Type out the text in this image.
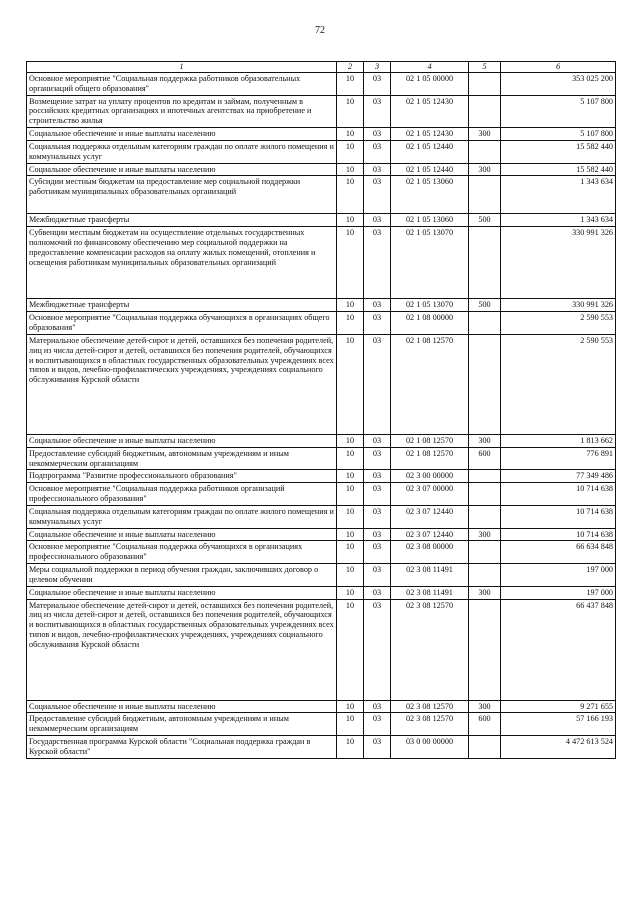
72
1	2	3	4	5	6
Основное мероприятие "Социальная поддержка работников образовательных организаций общего образования"	10	03	02 1 05 00000		353 025 200
Возмещение затрат на уплату процентов по кредитам и займам, полученным в российских кредитных организациях и ипотечных агентствах на приобретение и строительство жилья	10	03	02 1 05 12430		5 107 800
Социальное обеспечение и иные выплаты населению	10	03	02 1 05 12430	300	5 107 800
Социальная поддержка отдельным категориям граждан по оплате жилого помещения и коммунальных услуг	10	03	02 1 05 12440		15 582 440
Социальное обеспечение и иные выплаты населению	10	03	02 1 05 12440	300	15 582 440
Субсидии местным бюджетам на предоставление мер социальной поддержки работникам муниципальных образовательных организаций	10	03	02 1 05 13060		1 343 634
Межбюджетные трансферты	10	03	02 1 05 13060	500	1 343 634
Субвенции местным бюджетам на осуществление отдельных государственных полномочий по финансовому обеспечению мер социальной поддержки на предоставление компенсации расходов на оплату жилых помещений, отопления и освещения работникам муниципальных образовательных организаций	10	03	02 1 05 13070		330 991 326
Межбюджетные трансферты	10	03	02 1 05 13070	500	330 991 326
Основное мероприятие "Социальная поддержка обучающихся в организациях общего образования"	10	03	02 1 08 00000		2 590 553
Материальное обеспечение детей-сирот и детей, оставшихся без попечения родителей, лиц из числа детей-сирот и детей, оставшихся без попечения родителей, обучающихся и воспитывающихся в областных государственных образовательных учреждениях всех типов и видов, лечебно-профилактических учреждениях, учреждениях социального обслуживания Курской области	10	03	02 1 08 12570		2 590 553
Социальное обеспечение и иные выплаты населению	10	03	02 1 08 12570	300	1 813 662
Предоставление субсидий бюджетным, автономным учреждениям и иным некоммерческим организациям	10	03	02 1 08 12570	600	776 891
Подпрограмма "Развитие профессионального образования"	10	03	02 3 00 00000		77 349 486
Основное мероприятие "Социальная поддержка работников организаций профессионального образования"	10	03	02 3 07 00000		10 714 638
Социальная поддержка отдельным категориям граждан по оплате жилого помещения и коммунальных услуг	10	03	02 3 07 12440		10 714 638
Социальное обеспечение и иные выплаты населению	10	03	02 3 07 12440	300	10 714 638
Основное мероприятие "Социальная поддержка обучающихся в организациях профессионального образования"	10	03	02 3 08 00000		66 634 848
Меры социальной поддержки в период обучения граждан, заключивших договор о целевом обучении	10	03	02 3 08 11491		197 000
Социальное обеспечение и иные выплаты населению	10	03	02 3 08 11491	300	197 000
Материальное обеспечение детей-сирот и детей, оставшихся без попечения родителей, лиц из числа детей-сирот и детей, оставшихся без попечения родителей, обучающихся и воспитывающихся в областных государственных образовательных учреждениях всех типов и видов, лечебно-профилактических учреждениях, учреждениях социального обслуживания Курской области	10	03	02 3 08 12570		66 437 848
Социальное обеспечение и иные выплаты населению	10	03	02 3 08 12570	300	9 271 655
Предоставление субсидий бюджетным, автономным учреждениям и иным некоммерческим организациям	10	03	02 3 08 12570	600	57 166 193
Государственная программа Курской области "Социальная поддержка граждан в Курской области"	10	03	03 0 00 00000		4 472 613 524
